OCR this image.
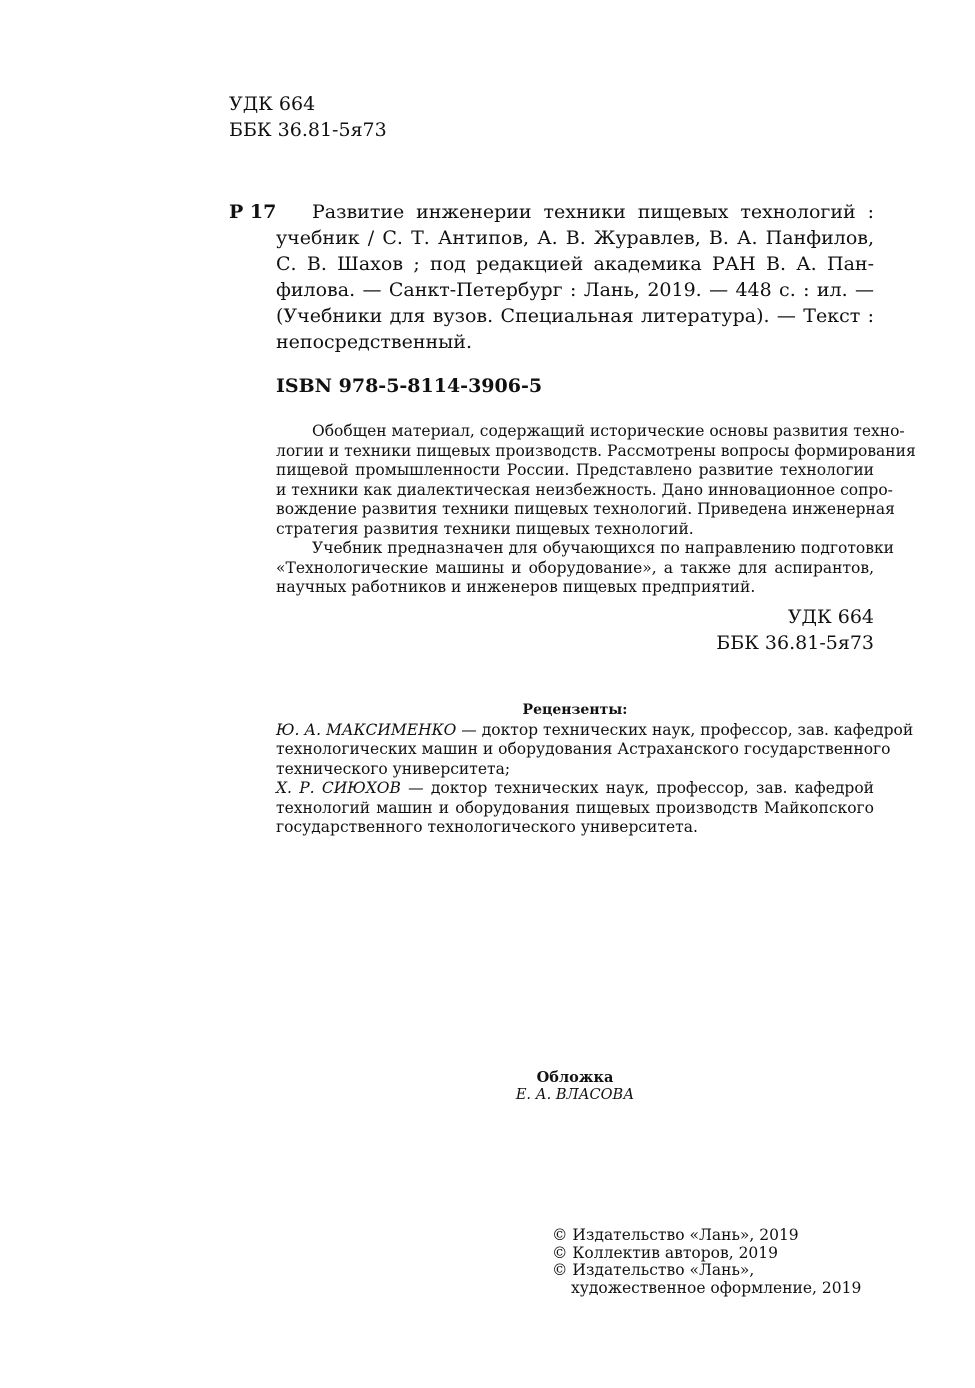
УДК 664
ББК 36.81-5я73
Р 17	Развитие инженерии техники пищевых технологий :
учебник / С. Т. Антипов, А. В. Журавлев, В. А. Панфилов,
С. В. Шахов ; под редакцией академика РАН В. А. Пан-
филова. — Санкт-Петербург : Лань, 2019. — 448 с. : ил. —
(Учебники для вузов. Специальная литература). — Текст :
непосредственный.
ISBN 978-5-8114-3906-5
Обобщен материал, содержащий исторические основы развития техно-
логии и техники пищевых производств. Рассмотрены вопросы формирования
пищевой промышленности России. Представлено развитие технологии
и техники как диалектическая неизбежность. Дано инновационное сопро-
вождение развития техники пищевых технологий. Приведена инженерная
стратегия развития техники пищевых технологий.
Учебник предназначен для обучающихся по направлению подготовки
«Технологические машины и оборудование», а также для аспирантов,
научных работников и инженеров пищевых предприятий.
УДК 664
ББК 36.81-5я73
Рецензенты:
Ю. А. МАКСИМЕНКО — доктор технических наук, профессор, зав. кафедрой
технологических машин и оборудования Астраханского государственного
технического университета;
Х. Р. СИЮХОВ — доктор технических наук, профессор, зав. кафедрой
технологий машин и оборудования пищевых производств Майкопского
государственного технологического университета.
Обложка
Е. А. ВЛАСОВА
© Издательство «Лань», 2019
© Коллектив авторов, 2019
© Издательство «Лань»,
художественное оформление, 2019
